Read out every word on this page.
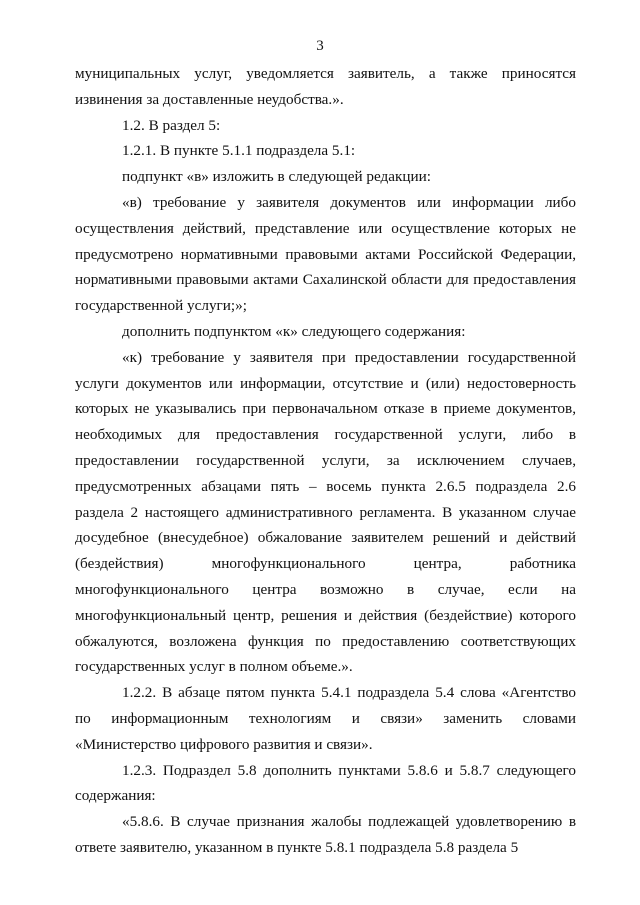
3

муниципальных услуг, уведомляется заявитель, а также приносятся извинения за доставленные неудобства.».

1.2. В раздел 5:

1.2.1. В пункте 5.1.1 подраздела 5.1:

подпункт «в» изложить в следующей редакции:

«в) требование у заявителя документов или информации либо осуществления действий, представление или осуществление которых не предусмотрено нормативными правовыми актами Российской Федерации, нормативными правовыми актами Сахалинской области для предоставления государственной услуги;»;

дополнить подпунктом «к» следующего содержания:

«к) требование у заявителя при предоставлении государственной услуги документов или информации, отсутствие и (или) недостоверность которых не указывались при первоначальном отказе в приеме документов, необходимых для предоставления государственной услуги, либо в предоставлении государственной услуги, за исключением случаев, предусмотренных абзацами пять – восемь пункта 2.6.5 подраздела 2.6 раздела 2 настоящего административного регламента. В указанном случае досудебное (внесудебное) обжалование заявителем решений и действий (бездействия) многофункционального центра, работника многофункционального центра возможно в случае, если на многофункциональный центр, решения и действия (бездействие) которого обжалуются, возложена функция по предоставлению соответствующих государственных услуг в полном объеме.».

1.2.2. В абзаце пятом пункта 5.4.1 подраздела 5.4 слова «Агентство по информационным технологиям и связи» заменить словами «Министерство цифрового развития и связи».

1.2.3. Подраздел 5.8 дополнить пунктами 5.8.6 и 5.8.7 следующего содержания:

«5.8.6. В случае признания жалобы подлежащей удовлетворению в ответе заявителю, указанном в пункте 5.8.1 подраздела 5.8 раздела 5
